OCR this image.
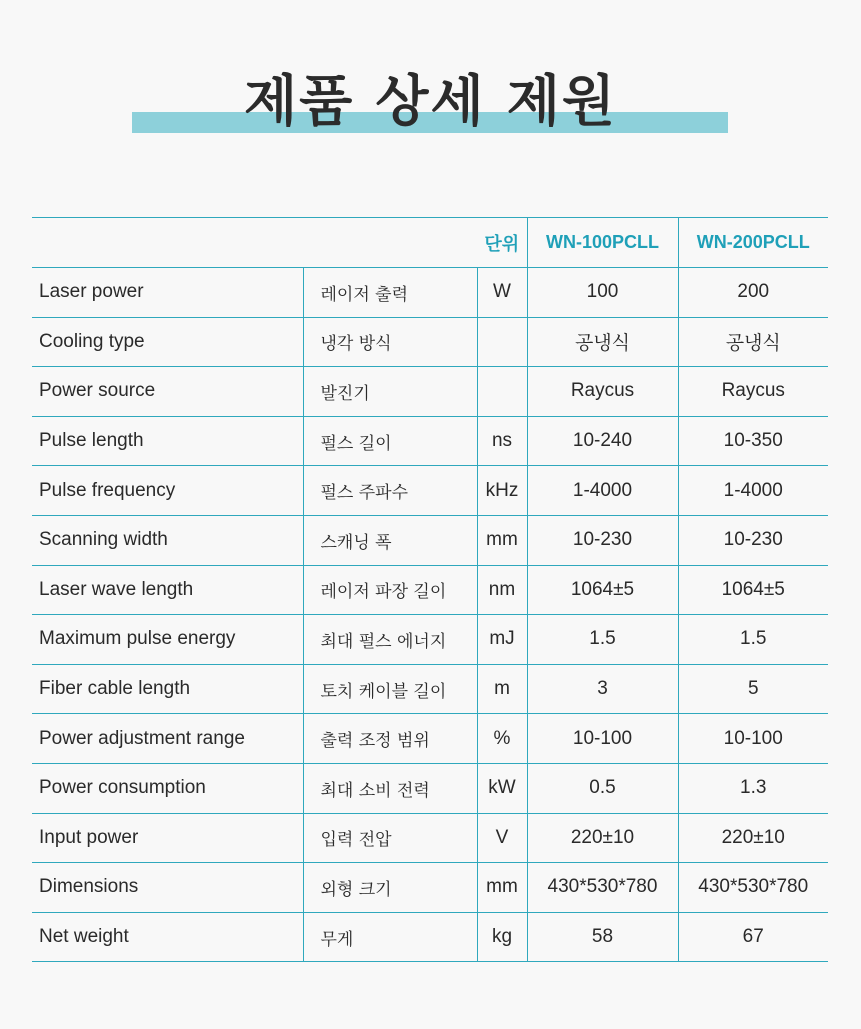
제품 상세 제원
		단위	WN-100PCLL	WN-200PCLL
Laser power	레이저 출력	W	100	200
Cooling type	냉각 방식		공냉식	공냉식
Power source	발진기		Raycus	Raycus
Pulse length	펄스 길이	ns	10-240	10-350
Pulse frequency	펄스 주파수	kHz	1-4000	1-4000
Scanning width	스캐닝 폭	mm	10-230	10-230
Laser wave length	레이저 파장 길이	nm	1064±5	1064±5
Maximum pulse energy	최대 펄스 에너지	mJ	1.5	1.5
Fiber cable length	토치 케이블 길이	m	3	5
Power adjustment range	출력 조정 범위	%	10-100	10-100
Power consumption	최대 소비 전력	kW	0.5	1.3
Input power	입력 전압	V	220±10	220±10
Dimensions	외형 크기	mm	430*530*780	430*530*780
Net weight	무게	kg	58	67
